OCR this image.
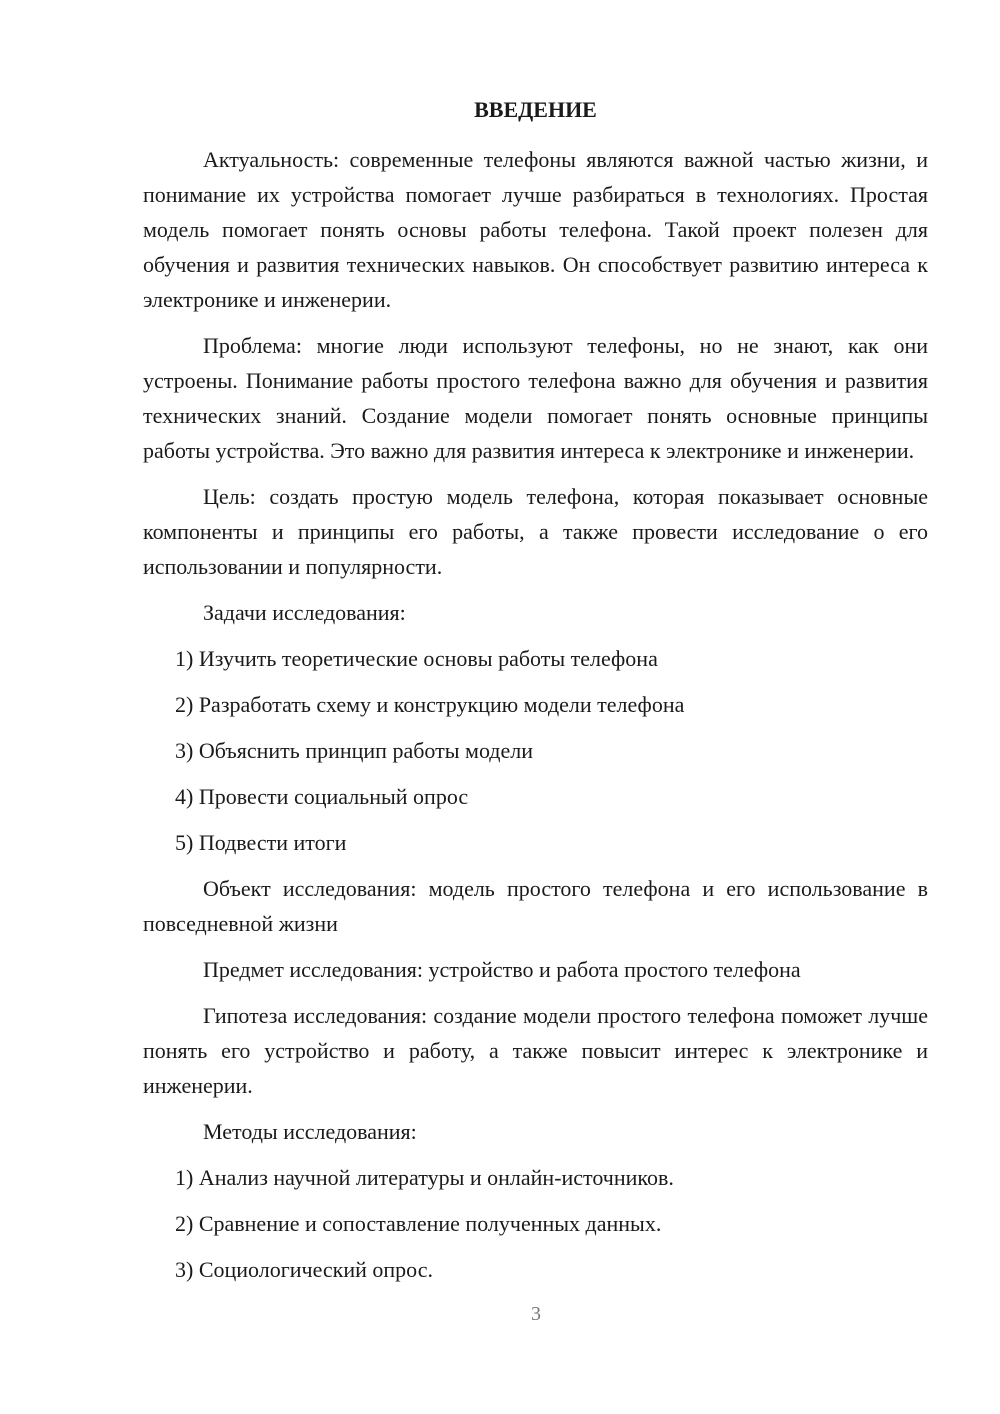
ВВЕДЕНИЕ
Актуальность: современные телефоны являются важной частью жизни, и понимание их устройства помогает лучше разбираться в технологиях. Простая модель помогает понять основы работы телефона. Такой проект полезен для обучения и развития технических навыков. Он способствует развитию интереса к электронике и инженерии.
Проблема: многие люди используют телефоны, но не знают, как они устроены. Понимание работы простого телефона важно для обучения и развития технических знаний. Создание модели помогает понять основные принципы работы устройства. Это важно для развития интереса к электронике и инженерии.
Цель: создать простую модель телефона, которая показывает основные компоненты и принципы его работы, а также провести исследование о его использовании и популярности.
Задачи исследования:
1) Изучить теоретические основы работы телефона
2) Разработать схему и конструкцию модели телефона
3) Объяснить принцип работы модели
4) Провести социальный опрос
5) Подвести итоги
Объект исследования: модель простого телефона и его использование в повседневной жизни
Предмет исследования: устройство и работа простого телефона
Гипотеза исследования: создание модели простого телефона поможет лучше понять его устройство и работу, а также повысит интерес к электронике и инженерии.
Методы исследования:
1) Анализ научной литературы и онлайн-источников.
2) Сравнение и сопоставление полученных данных.
3) Социологический опрос.
3
